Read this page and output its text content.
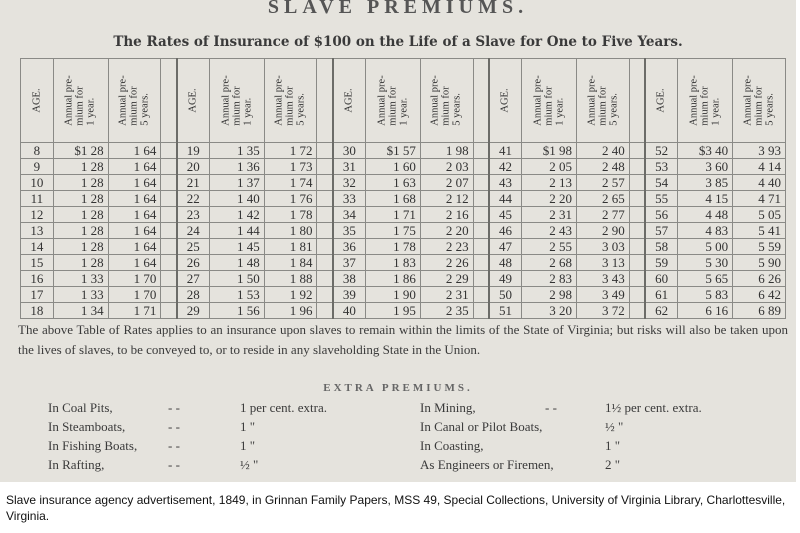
SLAVE PREMIUMS.
The Rates of Insurance of $100 on the Life of a Slave for One to Five Years.
AGE.	Annual pre-
mium for
1 year.	Annual pre-
mium for
5 years.		AGE.	Annual pre-
mium for
1 year.	Annual pre-
mium for
5 years.		AGE.	Annual pre-
mium for
1 year.	Annual pre-
mium for
5 years.		AGE.	Annual pre-
mium for
1 year.	Annual pre-
mium for
5 years.		AGE.	Annual pre-
mium for
1 year.	Annual pre-
mium for
5 years.

8	$1 28	1 64		19	1 35	1 72		30	$1 57	1 98		41	$1 98	2 40		52	$3 40	3 93
9	1 28	1 64		20	1 36	1 73		31	1 60	2 03		42	2 05	2 48		53	3 60	4 14
10	1 28	1 64		21	1 37	1 74		32	1 63	2 07		43	2 13	2 57		54	3 85	4 40
11	1 28	1 64		22	1 40	1 76		33	1 68	2 12		44	2 20	2 65		55	4 15	4 71
12	1 28	1 64		23	1 42	1 78		34	1 71	2 16		45	2 31	2 77		56	4 48	5 05
13	1 28	1 64		24	1 44	1 80		35	1 75	2 20		46	2 43	2 90		57	4 83	5 41
14	1 28	1 64		25	1 45	1 81		36	1 78	2 23		47	2 55	3 03		58	5 00	5 59
15	1 28	1 64		26	1 48	1 84		37	1 83	2 26		48	2 68	3 13		59	5 30	5 90
16	1 33	1 70		27	1 50	1 88		38	1 86	2 29		49	2 83	3 43		60	5 65	6 26
17	1 33	1 70		28	1 53	1 92		39	1 90	2 31		50	2 98	3 49		61	5 83	6 42
18	1 34	1 71		29	1 56	1 96		40	1 95	2 35		51	3 20	3 72		62	6 16	6 89
The above Table of Rates applies to an insurance upon slaves to remain within the limits of the State of Virginia; but risks will also be taken upon the lives of slaves, to be conveyed to, or to reside in any slaveholding State in the Union.
EXTRA PREMIUMS.
In Coal Pits,	- -	1 per cent. extra.
In Steamboats,	- -	1 "
In Fishing Boats, - -	1 "
In Rafting,	- -	½ "
In Mining,	- -	1½ per cent. extra.
In Canal or Pilot Boats,	½ "
In Coasting,	1 "
As Engineers or Firemen,	2 "
Slave insurance agency advertisement, 1849, in Grinnan Family Papers, MSS 49, Special Collections, University of Virginia Library, Charlottesville, Virginia.
